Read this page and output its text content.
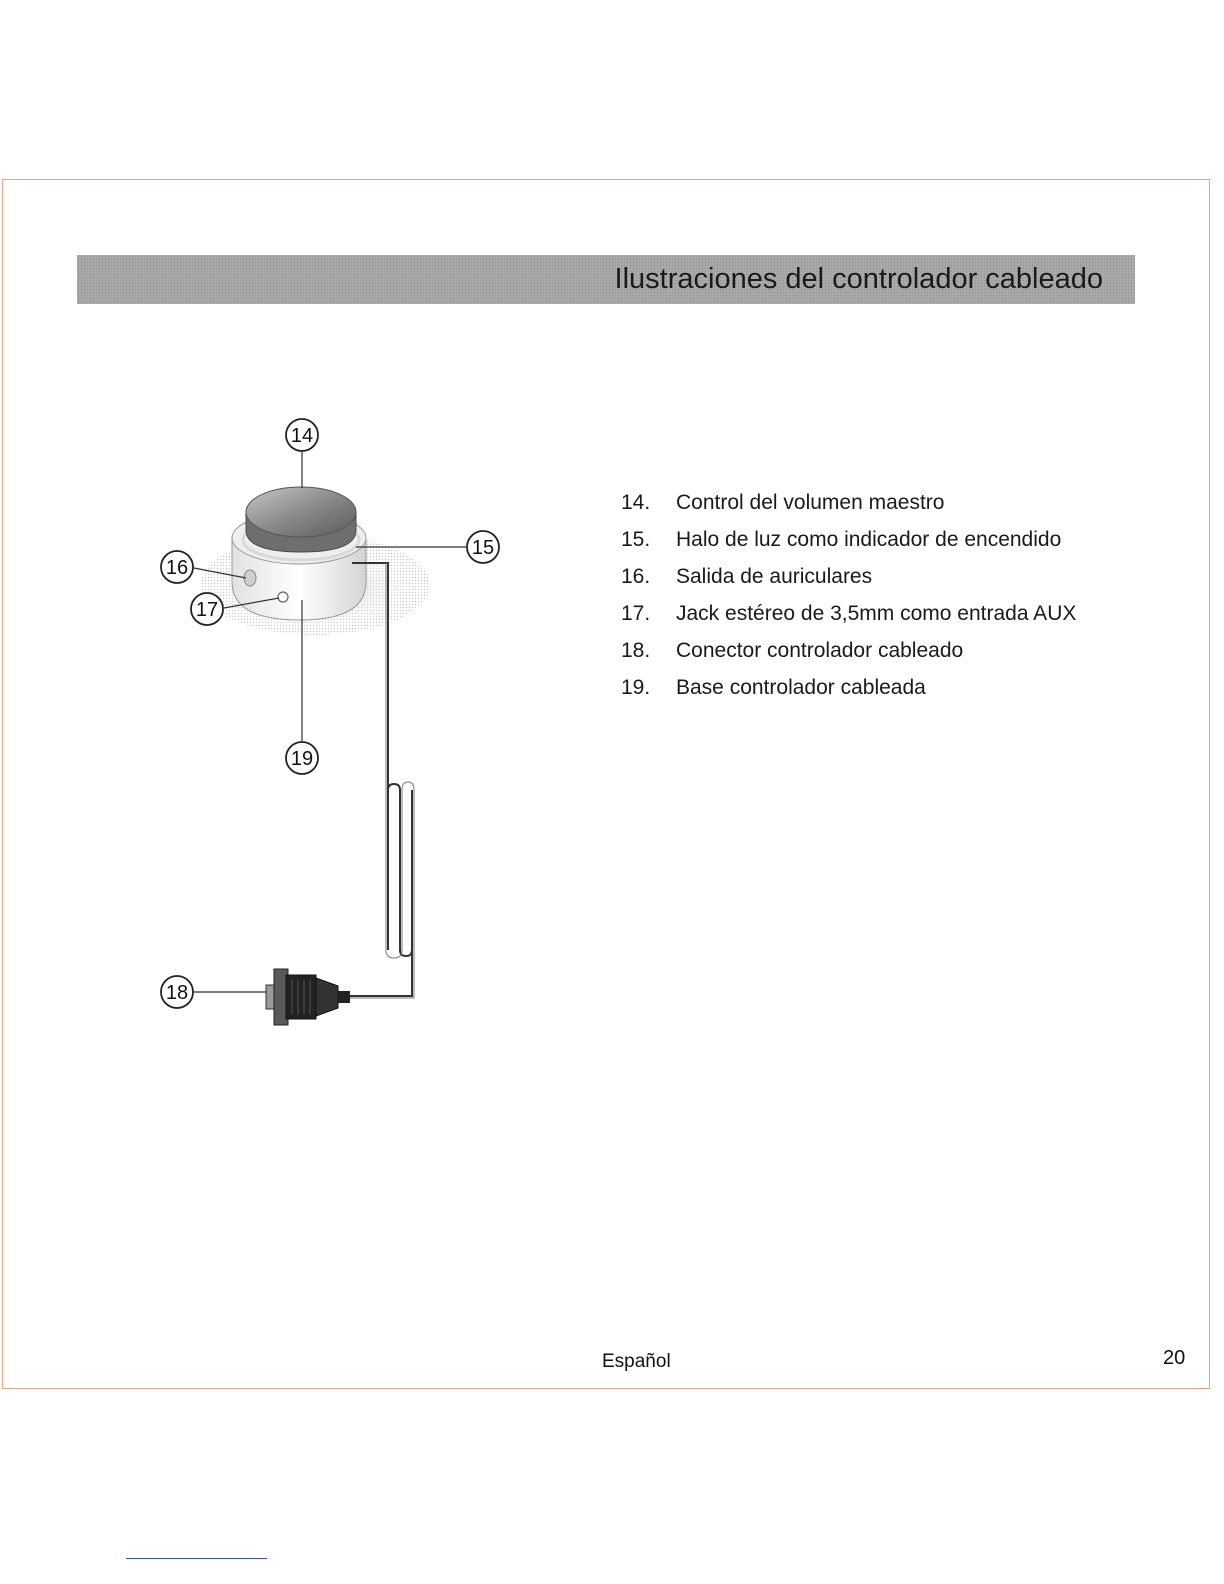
Ilustraciones del controlador cableado
14
15
16
17
18
19
14.	Control del volumen maestro
15.	Halo de luz como indicador de encendido
16.	Salida de auriculares
17.	Jack estéreo de 3,5mm como entrada AUX
18.	Conector controlador cableado
19.	Base controlador cableada
Español	20
